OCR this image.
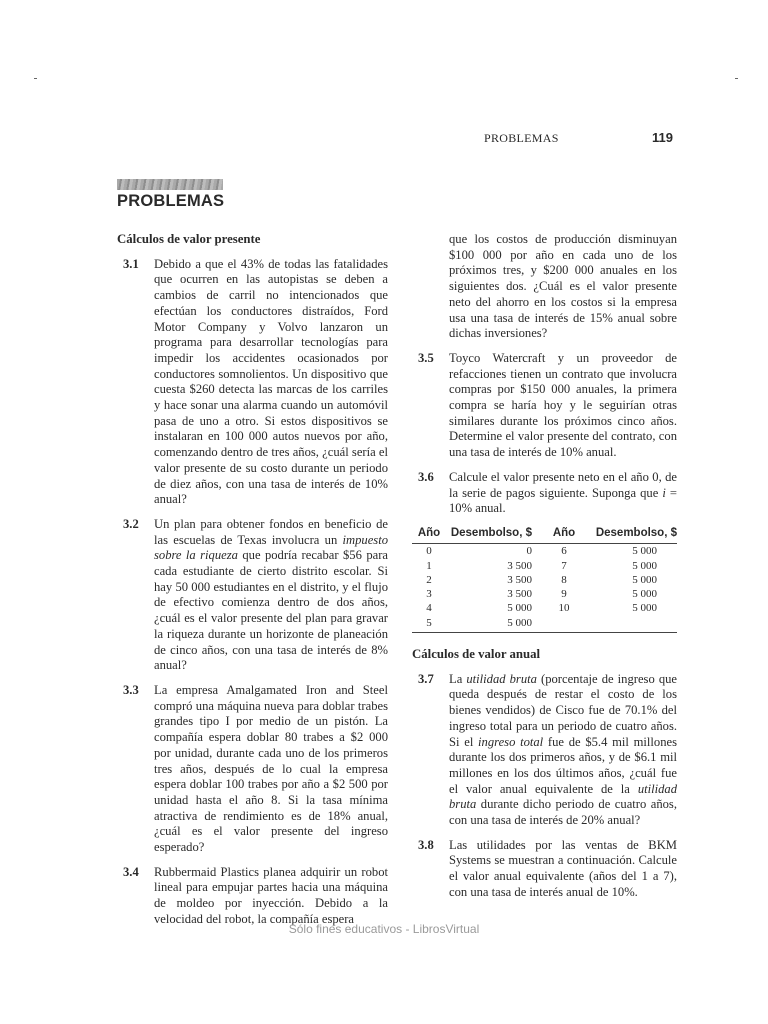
PROBLEMAS	119
PROBLEMAS
Cálculos de valor presente
3.1 Debido a que el 43% de todas las fatalidades que ocurren en las autopistas se deben a cambios de carril no intencionados que efectúan los conductores distraídos, Ford Motor Company y Volvo lanzaron un programa para desarrollar tecnologías para impedir los accidentes ocasionados por conductores somnolientos. Un dispositivo que cuesta $260 detecta las marcas de los carriles y hace sonar una alarma cuando un automóvil pasa de uno a otro. Si estos dispositivos se instalaran en 100 000 autos nuevos por año, comenzando dentro de tres años, ¿cuál sería el valor presente de su costo durante un periodo de diez años, con una tasa de interés de 10% anual?

3.2 Un plan para obtener fondos en beneficio de las escuelas de Texas involucra un impuesto sobre la riqueza que podría recabar $56 para cada estudiante de cierto distrito escolar. Si hay 50 000 estudiantes en el distrito, y el flujo de efectivo comienza dentro de dos años, ¿cuál es el valor presente del plan para gravar la riqueza durante un horizonte de planeación de cinco años, con una tasa de interés de 8% anual?

3.3 La empresa Amalgamated Iron and Steel compró una máquina nueva para doblar trabes grandes tipo I por medio de un pistón. La compañía espera doblar 80 trabes a $2 000 por unidad, durante cada uno de los primeros tres años, después de lo cual la empresa espera doblar 100 trabes por año a $2 500 por unidad hasta el año 8. Si la tasa mínima atractiva de rendimiento es de 18% anual, ¿cuál es el valor presente del ingreso esperado?

3.4 Rubbermaid Plastics planea adquirir un robot lineal para empujar partes hacia una máquina de moldeo por inyección. Debido a la velocidad del robot, la compañía espera

que los costos de producción disminuyan $100 000 por año en cada uno de los próximos tres, y $200 000 anuales en los siguientes dos. ¿Cuál es el valor presente neto del ahorro en los costos si la empresa usa una tasa de interés de 15% anual sobre dichas inversiones?

3.5 Toyco Watercraft y un proveedor de refacciones tienen un contrato que involucra compras por $150 000 anuales, la primera compra se haría hoy y le seguirían otras similares durante los próximos cinco años. Determine el valor presente del contrato, con una tasa de interés de 10% anual.

3.6 Calcule el valor presente neto en el año 0, de la serie de pagos siguiente. Suponga que i = 10% anual.

Año	Desembolso, $	Año	Desembolso, $
0	0	6	5 000
1	3 500	7	5 000
2	3 500	8	5 000
3	3 500	9	5 000
4	5 000	10	5 000
5	5 000		
Cálculos de valor anual
3.7 La utilidad bruta (porcentaje de ingreso que queda después de restar el costo de los bienes vendidos) de Cisco fue de 70.1% del ingreso total para un periodo de cuatro años. Si el ingreso total fue de $5.4 mil millones durante los dos primeros años, y de $6.1 mil millones en los dos últimos años, ¿cuál fue el valor anual equivalente de la utilidad bruta durante dicho periodo de cuatro años, con una tasa de interés de 20% anual?

3.8 Las utilidades por las ventas de BKM Systems se muestran a continuación. Calcule el valor anual equivalente (años del 1 a 7), con una tasa de interés anual de 10%.

Sólo fines educativos - LibrosVirtual
